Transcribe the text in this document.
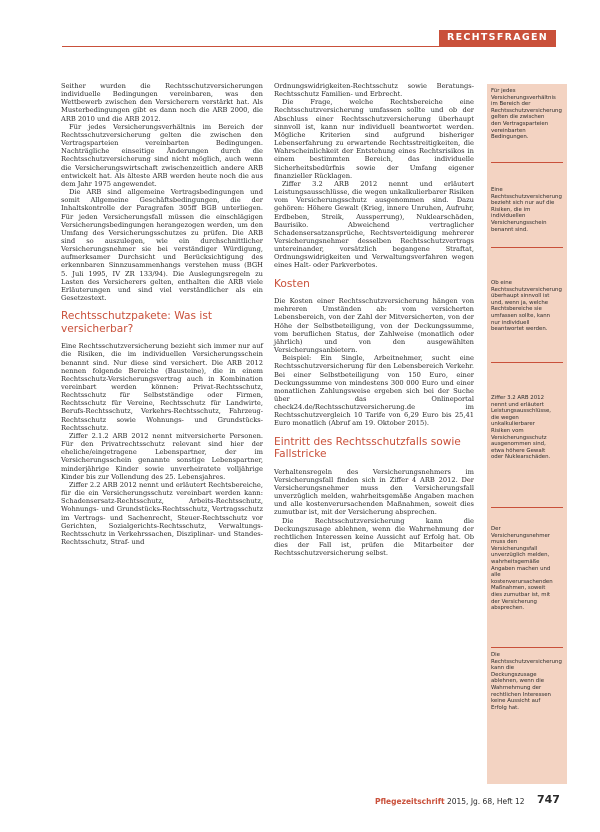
RECHTSFRAGEN

Seither wurden die Rechtsschutzversicherungen individuelle Bedingungen vereinbaren, was den Wettbewerb zwischen den Versicherern verstärkt hat. Als Musterbedingungen gibt es dann noch die ARB 2000, die ARB 2010 und die ARB 2012.

Für jedes Versicherungsverhältnis im Bereich der Rechtsschutzversicherung gelten die zwischen den Vertragsparteien vereinbarten Bedingungen. Nachträgliche einseitige Änderungen durch die Rechtsschutzversicherung sind nicht möglich, auch wenn die Versicherungswirtschaft zwischenzeitlich andere ARB entwickelt hat. Als älteste ARB werden heute noch die aus dem Jahr 1975 angewendet.

Die ARB sind allgemeine Vertragsbedingungen und somit Allgemeine Geschäftsbedingungen, die der Inhaltskontrolle der Paragrafen 305ff BGB unterliegen. Für jeden Versicherungsfall müssen die einschlägigen Versicherungsbedingungen herangezogen werden, um den Umfang des Versicherungsschutzes zu prüfen. Die ARB sind so auszulegen, wie ein durchschnittlicher Versicherungsnehmer sie bei verständiger Würdigung, aufmerksamer Durchsicht und Berücksichtigung des erkennbaren Sinnzusammenhangs verstehen muss (BGH 5. Juli 1995, IV ZR 133/94). Die Auslegungsregeln zu Lasten des Versicherers gelten, enthalten die ARB viele Erläuterungen und sind viel verständlicher als ein Gesetzestext.

Rechtsschutzpakete: Was ist versicherbar?

Eine Rechtsschutzversicherung bezieht sich immer nur auf die Risiken, die im individuellen Versicherungsschein benannt sind. Nur diese sind versichert. Die ARB 2012 nennen folgende Bereiche (Bausteine), die in einem Rechtsschutz-Versicherungsvertrag auch in Kombination vereinbart werden können: Privat-Rechtsschutz, Rechtsschutz für Selbstständige oder Firmen, Rechtsschutz für Vereine, Rechtsschutz für Landwirte, Berufs-Rechtsschutz, Verkehrs-Rechtsschutz, Fahrzeug-Rechtsschutz sowie Wohnungs- und Grundstücks-Rechtsschutz.

Ziffer 2.1.2 ARB 2012 nennt mitversicherte Personen. Für den Privatrechtsschutz relevant sind hier der eheliche/eingetragene Lebenspartner, der im Versicherungsschein genannte sonstige Lebenspartner, minderjährige Kinder sowie unverheiratete volljährige Kinder bis zur Vollendung des 25. Lebensjahres.

Ziffer 2.2 ARB 2012 nennt und erläutert Rechtsbereiche, für die ein Versicherungsschutz vereinbart werden kann: Schadensersatz-Rechtsschutz, Arbeits-Rechtsschutz, Wohnungs- und Grundstücks-Rechtsschutz, Vertragsschutz im Vertrags- und Sachenrecht, Steuer-Rechtsschutz vor Gerichten, Sozialgerichts-Rechtsschutz, Verwaltungs-Rechtsschutz in Verkehrssachen, Disziplinar- und Standes-Rechtsschutz, Straf- und

Ordnungswidrigkeiten-Rechtsschutz sowie Beratungs-Rechtsschutz Familien- und Erbrecht.

Die Frage, welche Rechtsbereiche eine Rechtsschutzversicherung umfassen sollte und ob der Abschluss einer Rechtsschutzversicherung überhaupt sinnvoll ist, kann nur individuell beantwortet werden. Mögliche Kriterien sind aufgrund bisheriger Lebenserfahrung zu erwartende Rechtsstreitigkeiten, die Wahrscheinlichkeit der Entstehung eines Rechtsrisikos in einem bestimmten Bereich, das individuelle Sicherheitsbedürfnis sowie der Umfang eigener finanzieller Rücklagen.

Ziffer 3.2 ARB 2012 nennt und erläutert Leistungsausschlüsse, die wegen unkalkulierbarer Risiken vom Versicherungsschutz ausgenommen sind. Dazu gehören: Höhere Gewalt (Krieg, innere Unruhen, Aufruhr, Erdbeben, Streik, Aussperrung), Nuklearschäden, Baurisiko. Abweichend vertraglicher Schadensersatzansprüche, Rechtsverteidigung mehrerer Versicherungsnehmer desselben Rechtsschutzvertrags untereinander, vorsätzlich begangene Straftat, Ordnungswidrigkeiten und Verwaltungsverfahren wegen eines Halt- oder Parkverbotes.

Kosten

Die Kosten einer Rechtsschutzversicherung hängen von mehreren Umständen ab: vom versicherten Lebensbereich, von der Zahl der Mitversicherten, von der Höhe der Selbstbeteiligung, von der Deckungssumme, vom beruflichen Status, der Zahlweise (monatlich oder jährlich) und von den ausgewählten Versicherungsanbietern.

Beispiel: Ein Single, Arbeitnehmer, sucht eine Rechtsschutzversicherung für den Lebensbereich Verkehr. Bei einer Selbstbeteiligung von 150 Euro, einer Deckungssumme von mindestens 300 000 Euro und einer monatlichen Zahlungsweise ergeben sich bei der Suche über das Onlineportal check24.de/Rechtsschutzversicherung.de im Rechtsschutzvergleich 10 Tarife von 6,29 Euro bis 25,41 Euro monatlich (Abruf am 19. Oktober 2015).

Eintritt des Rechtsschutzfalls sowie Fallstricke

Verhaltensregeln des Versicherungsnehmers im Versicherungsfall finden sich in Ziffer 4 ARB 2012. Der Versicherungsnehmer muss den Versicherungsfall unverzüglich melden, wahrheitsgemäße Angaben machen und alle kostenverursachenden Maßnahmen, soweit dies zumutbar ist, mit der Versicherung absprechen.

Die Rechtsschutzversicherung kann die Deckungszusage ablehnen, wenn die Wahrnehmung der rechtlichen Interessen keine Aussicht auf Erfolg hat. Ob dies der Fall ist, prüfen die Mitarbeiter der Rechtsschutzversicherung selbst.

Für jedes Versicherungsverhältnis im Bereich der Rechtsschutzversicherung gelten die zwischen den Vertragsparteien vereinbarten Bedingungen.
Eine Rechtsschutzversicherung bezieht sich nur auf die Risiken, die im individuellen Versicherungsschein benannt sind.
Ob eine Rechtsschutzversicherung überhaupt sinnvoll ist und, wenn ja, welche Rechtsbereiche sie umfassen sollte, kann nur individuell beantwortet werden.
Ziffer 3.2 ARB 2012 nennt und erläutert Leistungsausschlüsse, die wegen unkalkulierbarer Risiken vom Versicherungsschutz ausgenommen sind, etwa höhere Gewalt oder Nuklearschäden.
Der Versicherungsnehmer muss den Versicherungsfall unverzüglich melden, wahrheitsgemäße Angaben machen und alle kostenverursachenden Maßnahmen, soweit dies zumutbar ist, mit der Versicherung absprechen.
Die Rechtsschutzversicherung kann die Deckungszusage ablehnen, wenn die Wahrnehmung der rechtlichen Interessen keine Aussicht auf Erfolg hat.
Pflegezeitschrift 2015, Jg. 68, Heft 12 747
